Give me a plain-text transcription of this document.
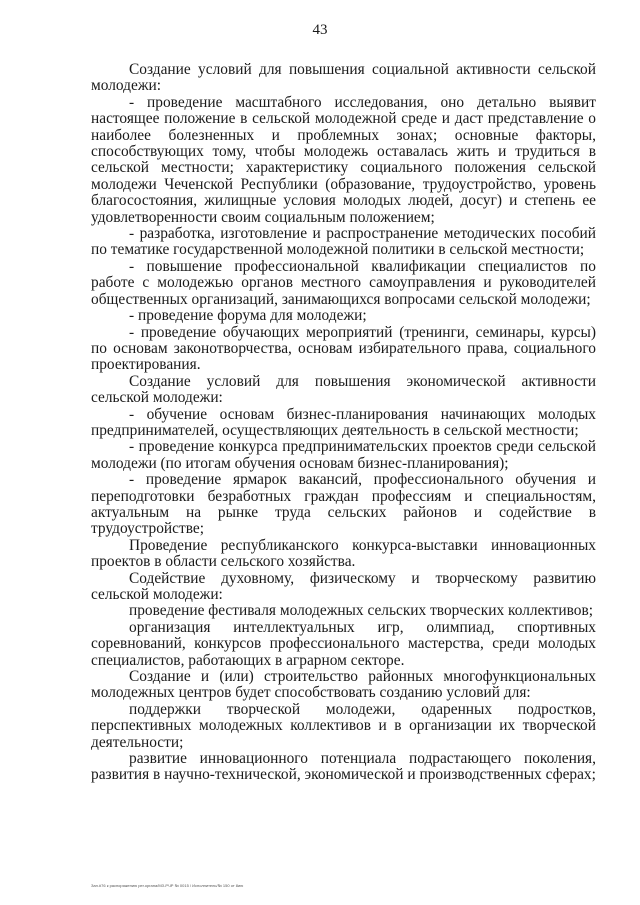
43

Создание условий для повышения социальной активности сельской молодежи:

- проведение масштабного исследования, оно детально выявит настоящее положение в сельской молодежной среде и даст представление о наиболее болезненных и проблемных зонах; основные факторы, способствующих тому, чтобы молодежь оставалась жить и трудиться в сельской местности; характеристику социального положения сельской молодежи Чеченской Республики (образование, трудоустройство, уровень благосостояния, жилищные условия молодых людей, досуг) и степень ее удовлетворенности своим социальным положением;

- разработка, изготовление и распространение методических пособий по тематике государственной молодежной политики в сельской местности;

- повышение профессиональной квалификации специалистов по работе с молодежью органов местного самоуправления и руководителей общественных организаций, занимающихся вопросами сельской молодежи;

- проведение форума для молодежи;

- проведение обучающих мероприятий (тренинги, семинары, курсы) по основам законотворчества, основам избирательного права, социального проектирования.

Создание условий для повышения экономической активности сельской молодежи:

- обучение основам бизнес-планирования начинающих молодых предпринимателей, осуществляющих деятельность в сельской местности;

- проведение конкурса предпринимательских проектов среди сельской молодежи (по итогам обучения основам бизнес-планирования);

- проведение ярмарок вакансий, профессионального обучения и переподготовки безработных граждан профессиям и специальностям, актуальным на рынке труда сельских районов и содействие в трудоустройстве;

Проведение республиканского конкурса-выставки инновационных проектов в области сельского хозяйства.

Содействие духовному, физическому и творческому развитию сельской молодежи:

проведение фестиваля молодежных сельских творческих коллективов;

организация интеллектуальных игр, олимпиад, спортивных соревнований, конкурсов профессионального мастерства, среди молодых специалистов, работающих в аграрном секторе.

Создание и (или) строительство районных многофункциональных молодежных центров будет способствовать созданию условий для:

поддержки творческой молодежи, одаренных подростков, перспективных молодежных коллективов и в организации их творческой деятельности;

развитие инновационного потенциала подрастающего поколения, развития в научно-технической, экономической и производственных сферах;

Зап.#76 к распоряжению рег.органа/МЗ-РЧР № 0015 / Исполнитель/№ 150 от 8ию
